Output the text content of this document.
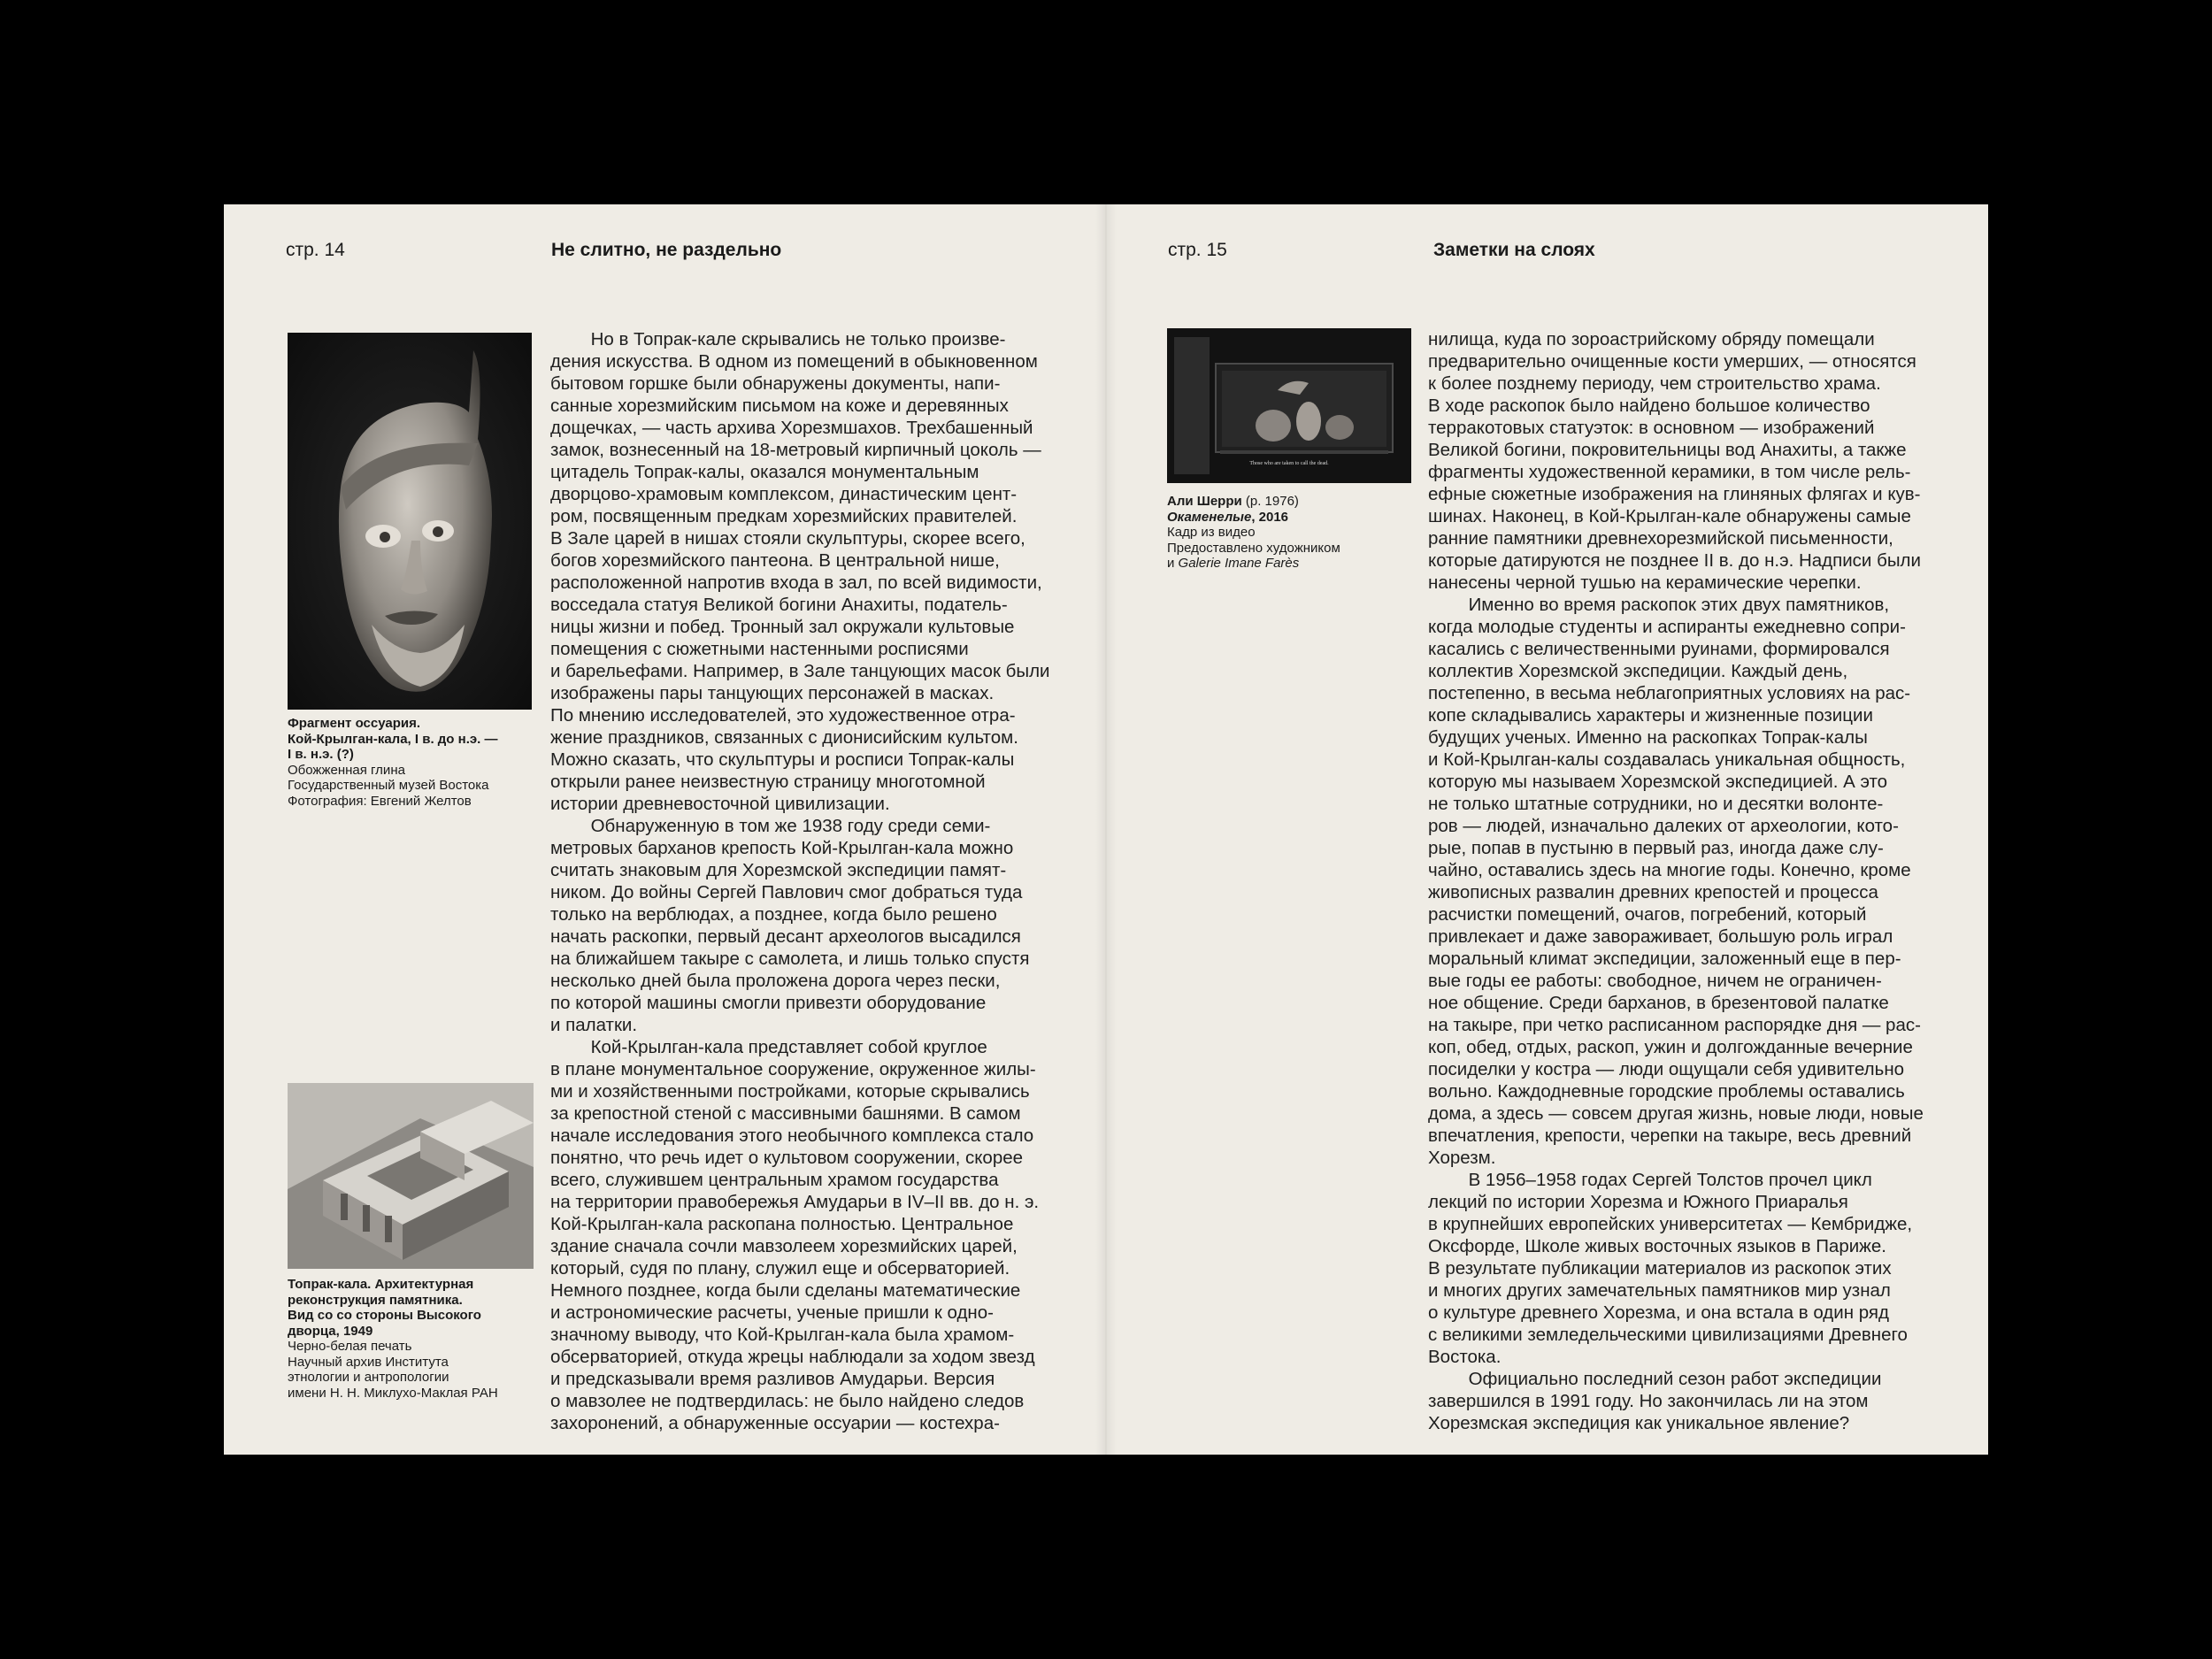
стр. 14	Не слитно, не раздельно
Фрагмент оссуария.
Кой-Крылган-кала, I в. до н.э. —
I в. н.э. (?)
Обожженная глина
Государственный музей Востока
Фотография: Евгений Желтов
Топрак-кала. Архитектурная
реконструкция памятника.
Вид со со стороны Высокого
дворца, 1949
Черно-белая печать
Научный архив Института
этнологии и антропологии
имени Н. Н. Миклухо-Маклая РАН
Но в Топрак-кале скрывались не только произве-
дения искусства. В одном из помещений в обыкновенном
бытовом горшке были обнаружены документы, напи-
санные хорезмийским письмом на коже и деревянных
дощечках, — часть архива Хорезмшахов. Трехбашенный
замок, вознесенный на 18-метровый кирпичный цоколь —
цитадель Топрак-калы, оказался монументальным
дворцово-храмовым комплексом, династическим цент-
ром, посвященным предкам хорезмийских правителей.
В Зале царей в нишах стояли скульптуры, скорее всего,
богов хорезмийского пантеона. В центральной нише,
расположенной напротив входа в зал, по всей видимости,
восседала статуя Великой богини Анахиты, податель-
ницы жизни и побед. Тронный зал окружали культовые
помещения с сюжетными настенными росписями
и барельефами. Например, в Зале танцующих масок были
изображены пары танцующих персонажей в масках.
По мнению исследователей, это художественное отра-
жение праздников, связанных с дионисийским культом.
Можно сказать, что скульптуры и росписи Топрак-калы
открыли ранее неизвестную страницу многотомной
истории древневосточной цивилизации.
Обнаруженную в том же 1938 году среди семи-
метровых барханов крепость Кой-Крылган-кала можно
считать знаковым для Хорезмской экспедиции памят-
ником. До войны Сергей Павлович смог добраться туда
только на верблюдах, а позднее, когда было решено
начать раскопки, первый десант археологов высадился
на ближайшем такыре с самолета, и лишь только спустя
несколько дней была проложена дорога через пески,
по которой машины смогли привезти оборудование
и палатки.
Кой-Крылган-кала представляет собой круглое
в плане монументальное сооружение, окруженное жилы-
ми и хозяйственными постройками, которые скрывались
за крепостной стеной с массивными башнями. В самом
начале исследования этого необычного комплекса стало
понятно, что речь идет о культовом сооружении, скорее
всего, служившем центральным храмом государства
на территории правобережья Амударьи в IV–II вв. до н. э.
Кой-Крылган-кала раскопана полностью. Центральное
здание сначала сочли мавзолеем хорезмийских царей,
который, судя по плану, служил еще и обсерваторией.
Немного позднее, когда были сделаны математические
и астрономические расчеты, ученые пришли к одно-
значному выводу, что Кой-Крылган-кала была храмом-
обсерваторией, откуда жрецы наблюдали за ходом звезд
и предсказывали время разливов Амударьи. Версия
о мавзолее не подтвердилась: не было найдено следов
захоронений, а обнаруженные оссуарии — костехра-
стр. 15	Заметки на слоях
Those who are taken to call the dead.
Али Шерри (р. 1976)
Окаменелые, 2016
Кадр из видео
Предоставлено художником
и Galerie Imane Farès
нилища, куда по зороастрийскому обряду помещали
предварительно очищенные кости умерших, — относятся
к более позднему периоду, чем строительство храма.
В ходе раскопок было найдено большое количество
терракотовых статуэток: в основном — изображений
Великой богини, покровительницы вод Анахиты, а также
фрагменты художественной керамики, в том числе рель-
ефные сюжетные изображения на глиняных флягах и кув-
шинах. Наконец, в Кой-Крылган-кале обнаружены самые
ранние памятники древнехорезмийской письменности,
которые датируются не позднее II в. до н.э. Надписи были
нанесены черной тушью на керамические черепки.
Именно во время раскопок этих двух памятников,
когда молодые студенты и аспиранты ежедневно сопри-
касались с величественными руинами, формировался
коллектив Хорезмской экспедиции. Каждый день,
постепенно, в весьма неблагоприятных условиях на рас-
копе складывались характеры и жизненные позиции
будущих ученых. Именно на раскопках Топрак-калы
и Кой-Крылган-калы создавалась уникальная общность,
которую мы называем Хорезмской экспедицией. А это
не только штатные сотрудники, но и десятки волонте-
ров — людей, изначально далеких от археологии, кото-
рые, попав в пустыню в первый раз, иногда даже слу-
чайно, оставались здесь на многие годы. Конечно, кроме
живописных развалин древних крепостей и процесса
расчистки помещений, очагов, погребений, который
привлекает и даже завораживает, большую роль играл
моральный климат экспедиции, заложенный еще в пер-
вые годы ее работы: свободное, ничем не ограничен-
ное общение. Среди барханов, в брезентовой палатке
на такыре, при четко расписанном распорядке дня — рас-
коп, обед, отдых, раскоп, ужин и долгожданные вечерние
посиделки у костра — люди ощущали себя удивительно
вольно. Каждодневные городские проблемы оставались
дома, а здесь — совсем другая жизнь, новые люди, новые
впечатления, крепости, черепки на такыре, весь древний
Хорезм.
В 1956–1958 годах Сергей Толстов прочел цикл
лекций по истории Хорезма и Южного Приаралья
в крупнейших европейских университетах — Кембридже,
Оксфорде, Школе живых восточных языков в Париже.
В результате публикации материалов из раскопок этих
и многих других замечательных памятников мир узнал
о культуре древнего Хорезма, и она встала в один ряд
с великими земледельческими цивилизациями Древнего
Востока.
Официально последний сезон работ экспедиции
завершился в 1991 году. Но закончилась ли на этом
Хорезмская экспедиция как уникальное явление?
